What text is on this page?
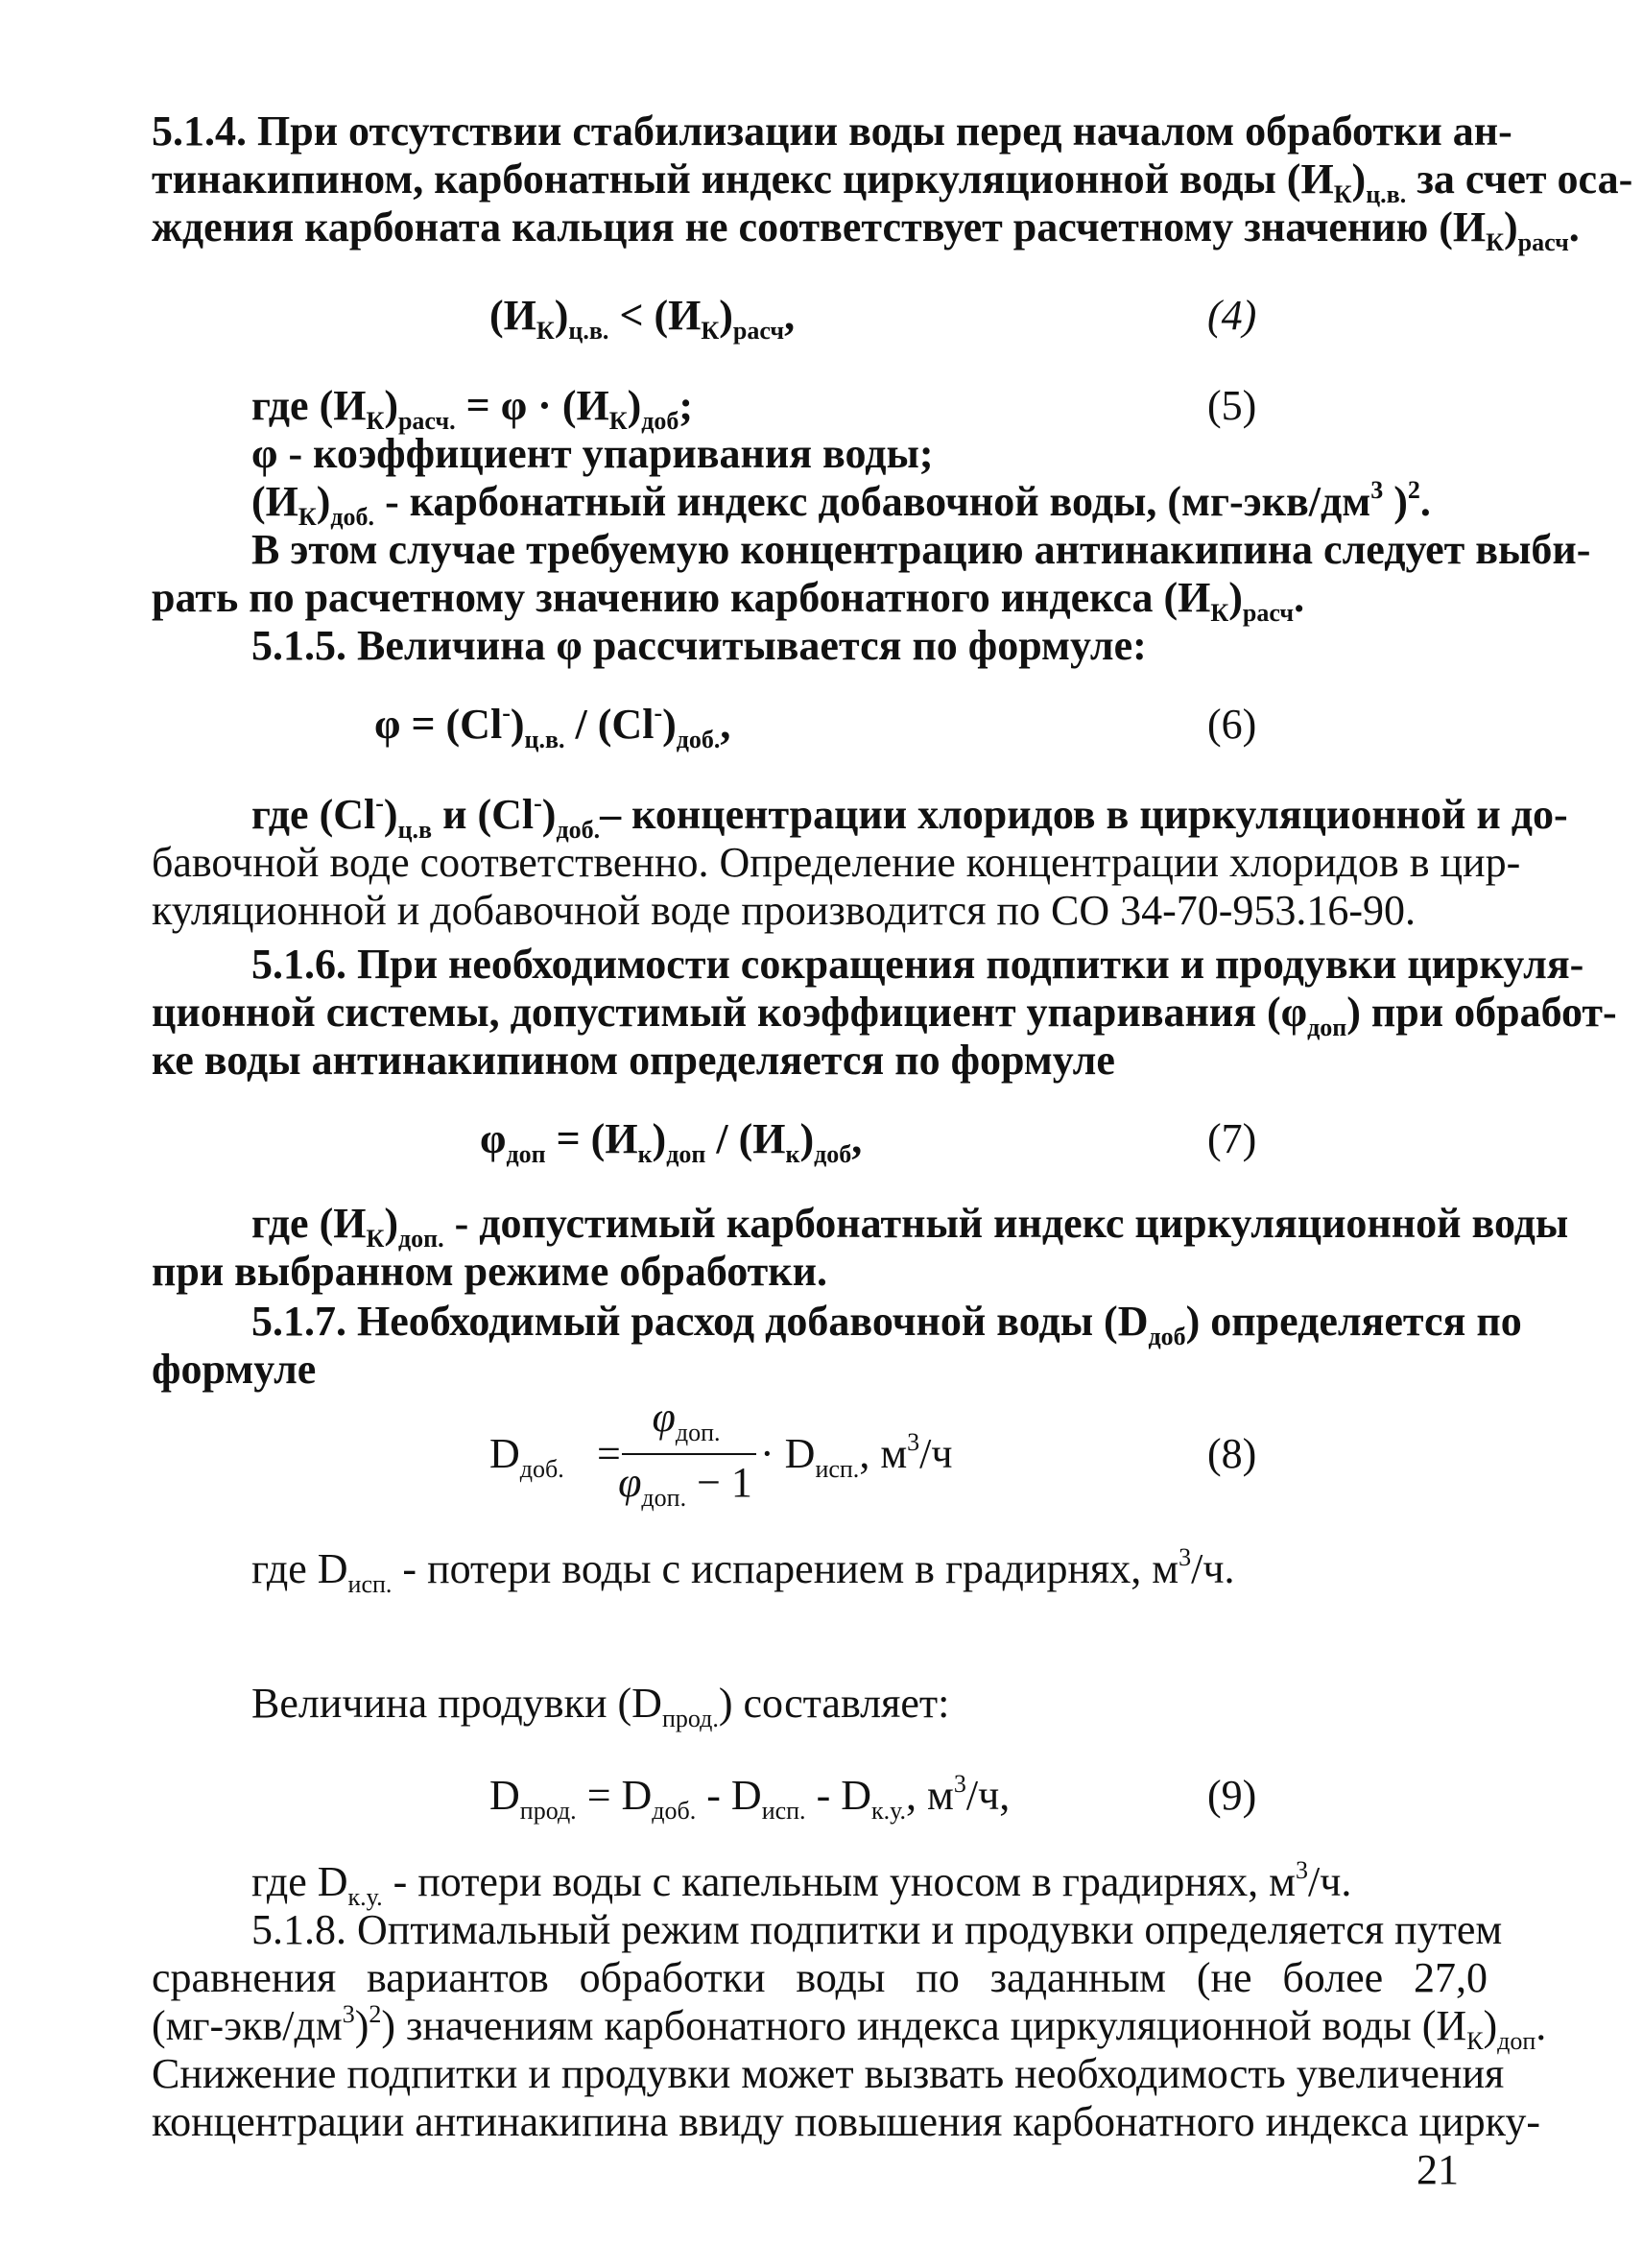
5.1.4. При отсутствии стабилизации воды перед началом обработки ан-
тинакипином, карбонатный индекс циркуляционной воды $(И_К)_{ц.в.}$ за счет оса-
ждения карбоната кальция не соответствует расчетному значению $(И_К)_{расч}$.
$(И_К)_{ц.в.} < (И_К)_{расч}$,	(4)
где $(И_К)_{расч.} = \varphi \cdot (И_К)_{доб}$;	(5)
φ - коэффициент упаривания воды;
$(И_К)_{доб.}$ - карбонатный индекс добавочной воды, ($мг-экв/дм^3$ )$^2$.
В этом случае требуемую концентрацию антинакипина следует выби-
рать по расчетному значению карбонатного индекса $(И_К)_{расч}$.
5.1.5. Величина φ рассчитывается по формуле:
$\varphi = (Cl^-)_{ц.в.} / (Cl^-)_{доб.}$,	(6)
где $(Cl^-)_{ц.в}$ и $(Cl^-)_{доб.}-$ концентрации хлоридов в циркуляционной и до-
бавочной воде соответственно. Определение концентрации хлоридов в цир-
куляционной и добавочной воде производится по СО 34-70-953.16-90.
5.1.6. При необходимости сокращения подпитки и продувки циркуля-
ционной системы, допустимый коэффициент упаривания $(\varphi_{доп})$ при обработ-
ке воды антинакипином определяется по формуле
$\varphi_{доп} = (И_к)_{доп} / (И_к)_{доб}$,	(7)
где $(И_К)_{доп.}$ - допустимый карбонатный индекс циркуляционной воды
при выбранном режиме обработки.
5.1.7. Необходимый расход добавочной воды $(D_{доб})$ определяется по
формуле
$D_{доб.}$ =
$\varphi_{доп.}$
$\varphi_{доп.} - 1$
· $D_{исп.}$, $м^3/ч$	(8)
где $D_{исп.}$ - потери воды с испарением в градирнях, $м^3/ч$.
Величина продувки $(D_{прод.})$ составляет:
$D_{прод.} = D_{доб.} - D_{исп.} - D_{к.у.}$, $м^3/ч$,	(9)
где $D_{к.у.}$ - потери воды с капельным уносом в градирнях, $м^3/ч$.
5.1.8. Оптимальный режим подпитки и продувки определяется путем
сравнения вариантов обработки воды по заданным (не более 27,0
$(мг-экв/дм^3)^2$) значениям карбонатного индекса циркуляционной воды $(И_К)_{доп}$.
Снижение подпитки и продувки может вызвать необходимость увеличения
концентрации антинакипина ввиду повышения карбонатного индекса цирку-
21
